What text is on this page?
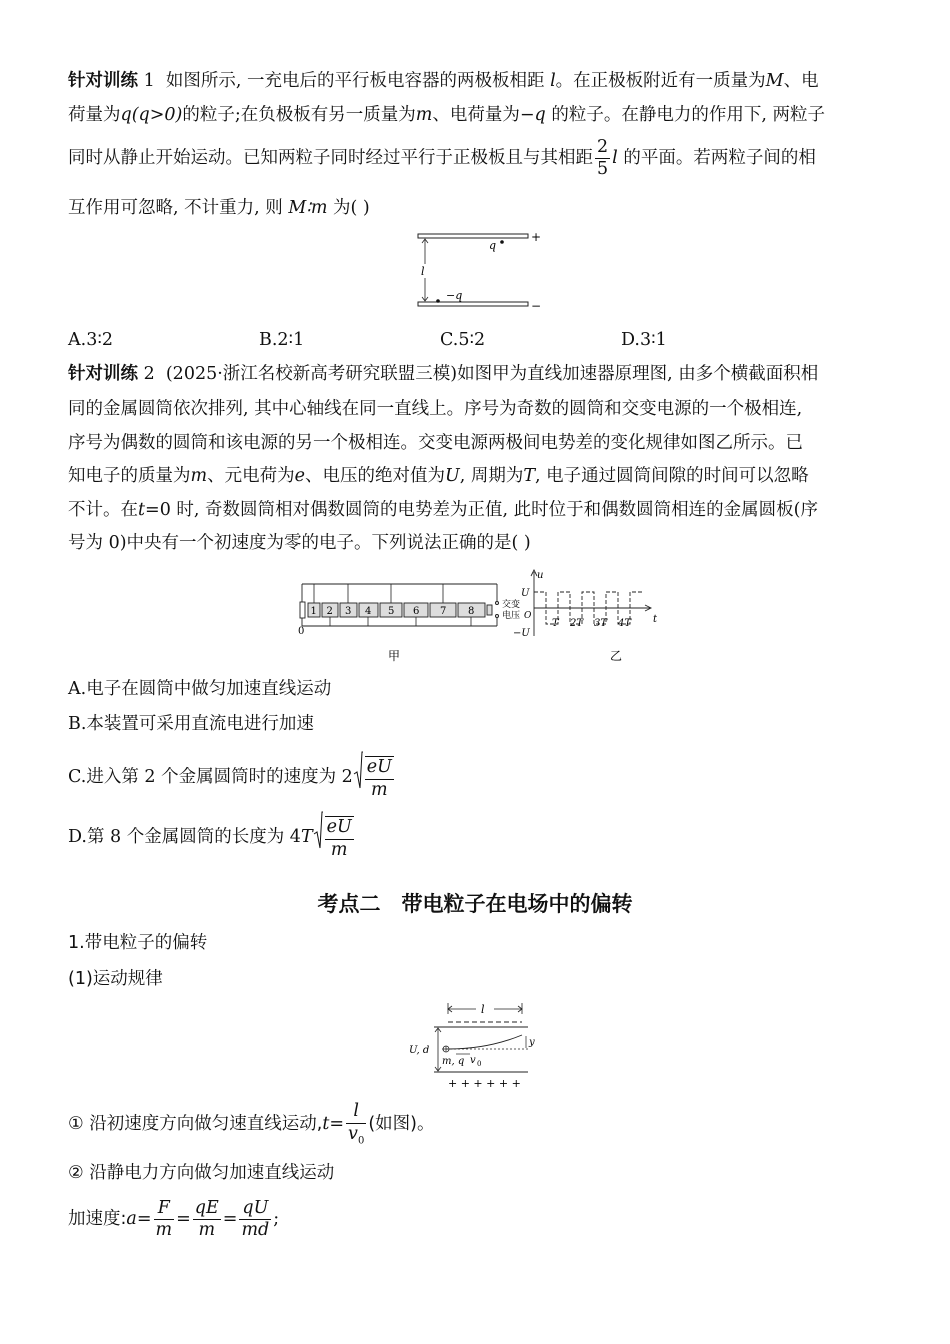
针对训练 1 如图所示, 一充电后的平行板电容器的两极板相距 l。在正极板附近有一质量为M、电
荷量为q(q>0)的粒子;在负极板有另一质量为m、电荷量为−q 的粒子。在静电力的作用下, 两粒子
同时从静止开始运动。已知两粒子同时经过平行于正极板且与其相距 $\frac{2}{5}$ l 的平面。若两粒子间的相
互作用可忽略, 不计重力, 则 M∶m 为( )
+
−
q
−q
l
A.3∶2	B.2∶1	C.5∶2	D.3∶1
针对训练 2 (2025·浙江名校新高考研究联盟三模)如图甲为直线加速器原理图, 由多个横截面积相
同的金属圆筒依次排列, 其中心轴线在同一直线上。序号为奇数的圆筒和交变电源的一个极相连,
序号为偶数的圆筒和该电源的另一个极相连。交变电源两极间电势差的变化规律如图乙所示。已
知电子的质量为m、元电荷为e、电压的绝对值为U, 周期为T, 电子通过圆筒间隙的时间可以忽略
不计。在t=0 时, 奇数圆筒相对偶数圆筒的电势差为正值, 此时位于和偶数圆筒相连的金属圆板(序
号为 0)中央有一个初速度为零的电子。下列说法正确的是( )
交变
电压
0
1 2 3 4 5 6 7 8
甲
u
t
U
−U
O
T 2T 3T 4T
乙
A.电子在圆筒中做匀加速直线运动
B.本装置可采用直流电进行加速
C.进入第 2 个金属圆筒时的速度为 $2 \frac{eU}{m}$
D.第 8 个金属圆筒的长度为 $4T \frac{eU}{m}$
考点二　带电粒子在电场中的偏转
1.带电粒子的偏转
(1)运动规律
l
U, d
m, q v 0
y
+ + + + + +
① 沿初速度方向做匀速直线运动$,t= \frac{l}{v_0}$ (如图)。
② 沿静电力方向做匀加速直线运动
加速度:a= $\frac{F}{m} = \frac{qE}{m} = \frac{qU}{md}$ ;
